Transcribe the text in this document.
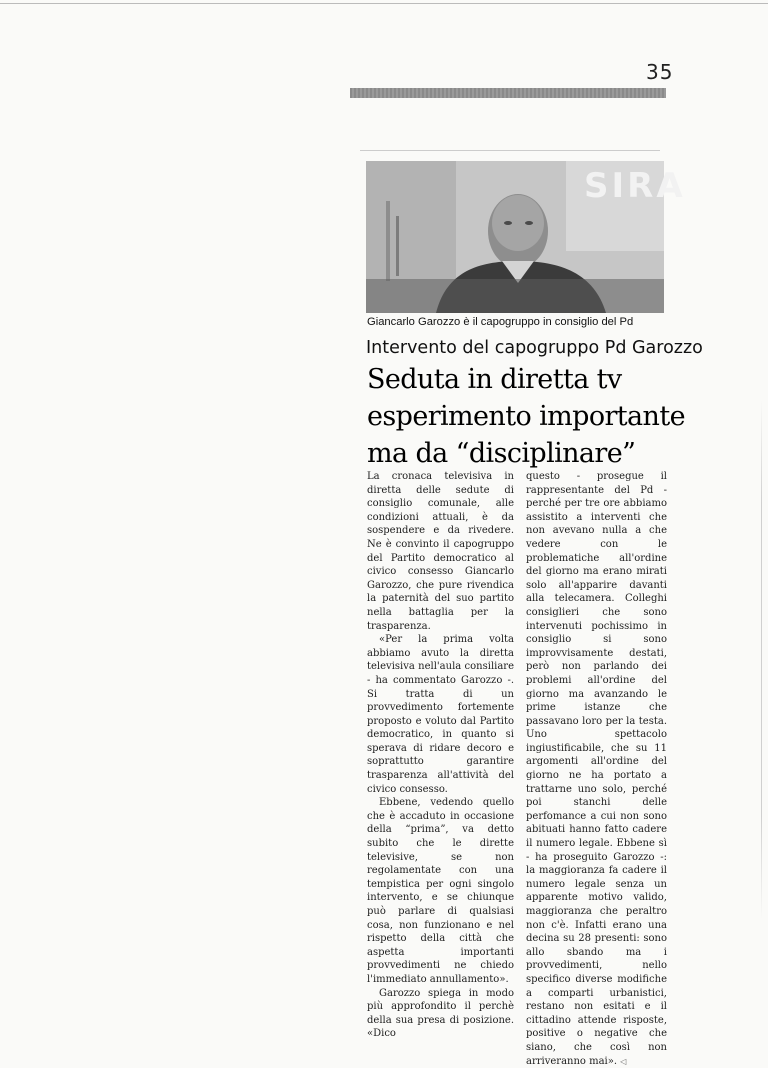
35
SIRA
Giancarlo Garozzo è il capogruppo in consiglio del Pd
Intervento del capogruppo Pd Garozzo
Seduta in diretta tv
esperimento importante
ma da “disciplinare”

La cronaca televisiva in diretta delle sedute di consiglio comunale, alle condizioni attuali, è da sospendere e da rivedere. Ne è convinto il capogruppo del Partito democratico al civico consesso Giancarlo Garozzo, che pure rivendica la paternità del suo partito nella battaglia per la trasparenza.

«Per la prima volta abbiamo avuto la diretta televisiva nell'aula consiliare - ha commentato Garozzo -. Si tratta di un provvedimento fortemente proposto e voluto dal Partito democratico, in quanto si sperava di ridare decoro e soprattutto garantire trasparenza all'attività del civico consesso.

Ebbene, vedendo quello che è accaduto in occasione della “prima”, va detto subito che le dirette televisive, se non regolamentate con una tempistica per ogni singolo intervento, e se chiunque può parlare di qualsiasi cosa, non funzionano e nel rispetto della città che aspetta importanti provvedimenti ne chiedo l'immediato annullamento».

Garozzo spiega in modo più approfondito il perchè della sua presa di posizione. «Dico

questo - prosegue il rappresentante del Pd - perché per tre ore abbiamo assistito a interventi che non avevano nulla a che vedere con le problematiche all'ordine del giorno ma erano mirati solo all'apparire davanti alla telecamera. Colleghi consiglieri che sono intervenuti pochissimo in consiglio si sono improvvisamente destati, però non parlando dei problemi all'ordine del giorno ma avanzando le prime istanze che passavano loro per la testa. Uno spettacolo ingiustificabile, che su 11 argomenti all'ordine del giorno ne ha portato a trattarne uno solo, perché poi stanchi delle perfomance a cui non sono abituati hanno fatto cadere il numero legale. Ebbene sì - ha proseguito Garozzo -: la maggioranza fa cadere il numero legale senza un apparente motivo valido, maggioranza che peraltro non c'è. Infatti erano una decina su 28 presenti: sono allo sbando ma i provvedimenti, nello specifico diverse modifiche a comparti urbanistici, restano non esitati e il cittadino attende risposte, positive o negative che siano, che così non arriveranno mai». ◁
